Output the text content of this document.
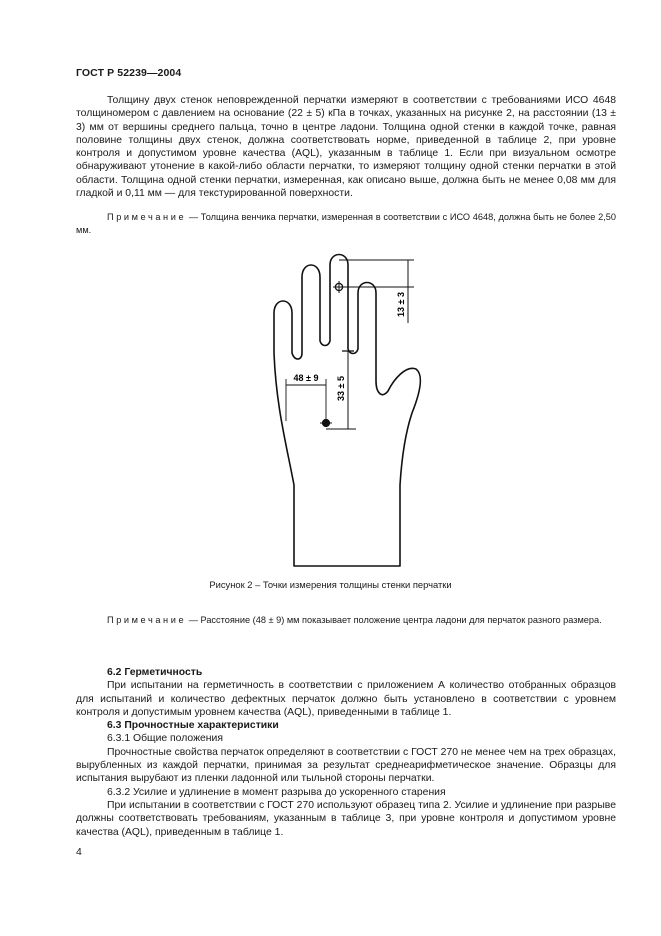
ГОСТ Р 52239—2004

Толщину двух стенок неповрежденной перчатки измеряют в соответствии с требованиями ИСО 4648 толщиномером с давлением на основание (22 ± 5) кПа в точках, указанных на рисунке 2, на расстоянии (13 ± 3) мм от вершины среднего пальца, точно в центре ладони. Толщина одной стенки в каждой точке, равная половине толщины двух стенок, должна соответствовать норме, приведенной в таблице 2, при уровне контроля и допустимом уровне качества (AQL), указанным в таблице 1. Если при визуальном осмотре обнаруживают утонение в какой-либо области перчатки, то измеряют толщину одной стенки перчатки в этой области. Толщина одной стенки перчатки, измеренная, как описано выше, должна быть не менее 0,08 мм для гладкой и 0,11 мм — для текстурированной поверхности.

Примечание — Толщина венчика перчатки, измеренная в соответствии с ИСО 4648, должна быть не более 2,50 мм.

13 ± 3
33 ± 5
48 ± 9
Рисунок 2 – Точки измерения толщины стенки перчатки

Примечание — Расстояние (48 ± 9) мм показывает положение центра ладони для перчаток разного размера.

6.2 Герметичность

При испытании на герметичность в соответствии с приложением А количество отобранных образцов для испытаний и количество дефектных перчаток должно быть установлено в соответствии с уровнем контроля и допустимым уровнем качества (AQL), приведенными в таблице 1.

6.3 Прочностные характеристики

6.3.1 Общие положения

Прочностные свойства перчаток определяют в соответствии с ГОСТ 270 не менее чем на трех образцах, вырубленных из каждой перчатки, принимая за результат среднеарифметическое значение. Образцы для испытания вырубают из пленки ладонной или тыльной стороны перчатки.

6.3.2 Усилие и удлинение в момент разрыва до ускоренного старения

При испытании в соответствии с ГОСТ 270 используют образец типа 2. Усилие и удлинение при разрыве должны соответствовать требованиям, указанным в таблице 3, при уровне контроля и допустимом уровне качества (AQL), приведенным в таблице 1.

4
